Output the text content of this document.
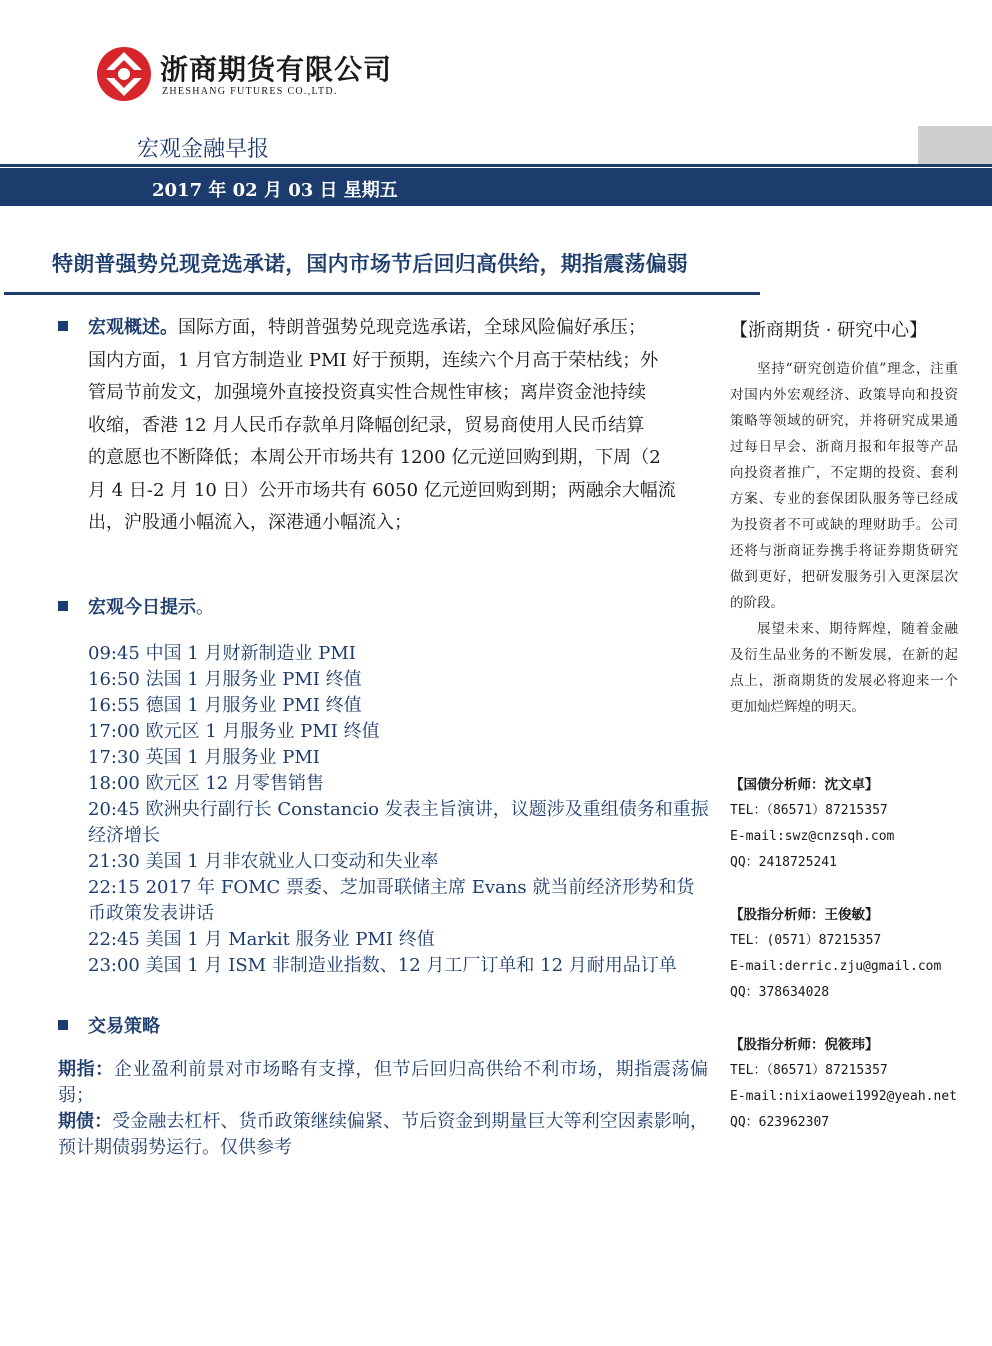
浙商期货有限公司
ZHESHANG FUTURES CO.,LTD.
宏观金融早报
2017 年 02 月 03 日 星期五
特朗普强势兑现竞选承诺，国内市场节后回归高供给，期指震荡偏弱
宏观概述。国际方面，特朗普强势兑现竞选承诺，全球风险偏好承压；
国内方面，1 月官方制造业 PMI 好于预期，连续六个月高于荣枯线；外
管局节前发文，加强境外直接投资真实性合规性审核；离岸资金池持续
收缩，香港 12 月人民币存款单月降幅创纪录，贸易商使用人民币结算
的意愿也不断降低；本周公开市场共有 1200 亿元逆回购到期，下周（2
月 4 日-2 月 10 日）公开市场共有 6050 亿元逆回购到期；两融余大幅流
出，沪股通小幅流入，深港通小幅流入；
宏观今日提示。
09:45 中国 1 月财新制造业 PMI
16:50 法国 1 月服务业 PMI 终值
16:55 德国 1 月服务业 PMI 终值
17:00 欧元区 1 月服务业 PMI 终值
17:30 英国 1 月服务业 PMI
18:00 欧元区 12 月零售销售
20:45 欧洲央行副行长 Constancio 发表主旨演讲，议题涉及重组债务和重振经济增长
21:30 美国 1 月非农就业人口变动和失业率
22:15 2017 年 FOMC 票委、芝加哥联储主席 Evans 就当前经济形势和货币政策发表讲话
22:45 美国 1 月 Markit 服务业 PMI 终值
23:00 美国 1 月 ISM 非制造业指数、12 月工厂订单和 12 月耐用品订单
交易策略
期指：企业盈利前景对市场略有支撑，但节后回归高供给不利市场，期指震荡偏弱；
期债：受金融去杠杆、货币政策继续偏紧、节后资金到期量巨大等利空因素影响，预计期债弱势运行。仅供参考
【浙商期货 · 研究中心】
坚持“研究创造价值”理念，注重对国内外宏观经济、政策导向和投资策略等领域的研究，并将研究成果通过每日早会、浙商月报和年报等产品向投资者推广，不定期的投资、套利方案、专业的套保团队服务等已经成为投资者不可或缺的理财助手。公司还将与浙商证券携手将证券期货研究做到更好，把研发服务引入更深层次的阶段。
展望未来、期待辉煌，随着金融及衍生品业务的不断发展，在新的起点上，浙商期货的发展必将迎来一个更加灿烂辉煌的明天。
【国债分析师：沈文卓】
TEL：（86571）87215357
E-mail:swz@cnzsqh.com
QQ：2418725241
【股指分析师：王俊敏】
TEL：(0571）87215357
E-mail:derric.zju@gmail.com
QQ：378634028
【股指分析师：倪筱玮】
TEL：（86571）87215357
E-mail:nixiaowei1992@yeah.net
QQ：623962307
